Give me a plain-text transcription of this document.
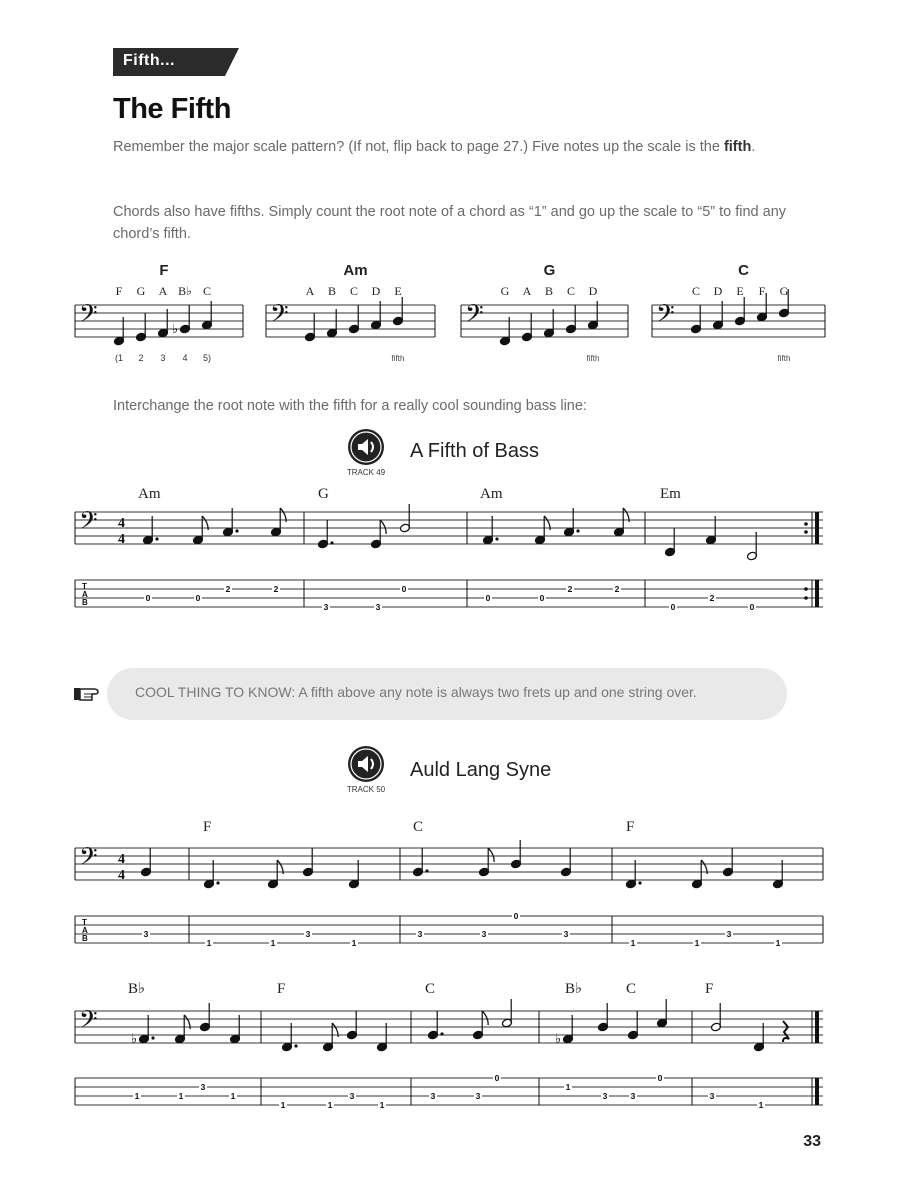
Fifth...
The Fifth
Remember the major scale pattern? (If not, flip back to page 27.) Five notes up the scale is the fifth.
Chords also have fifths. Simply count the root note of a chord as “1” and go up the scale to “5” to find any chord’s fifth.
𝄢
F
F G A B♭
♭
C
(1 2 3 4 5)
𝄢
Am
A B C D E
fifth
𝄢
G
G A B C D
fifth
𝄢
C
C D E F G
fifth
Interchange the root note with the fifth for a really cool sounding bass line:
TRACK 49
A Fifth of Bass
𝄢 4
4
Am	G	Am	Em
T
A
B	0	0
2	2
3	3
0
0	0
2	2
0
2
0
COOL THING TO KNOW: A fifth above any note is always two frets up and one string over.
TRACK 50
Auld Lang Syne
𝄢 4
4
F	C	F
T
A
B	3
1	1
3
1
3	3
0
3
1	1
3
1
𝄢
B♭	F	C	B♭	C	F
♭	♭
1	1
3
1
1	1
3
1
3	3
0
1
3	3
0
3
1
33
